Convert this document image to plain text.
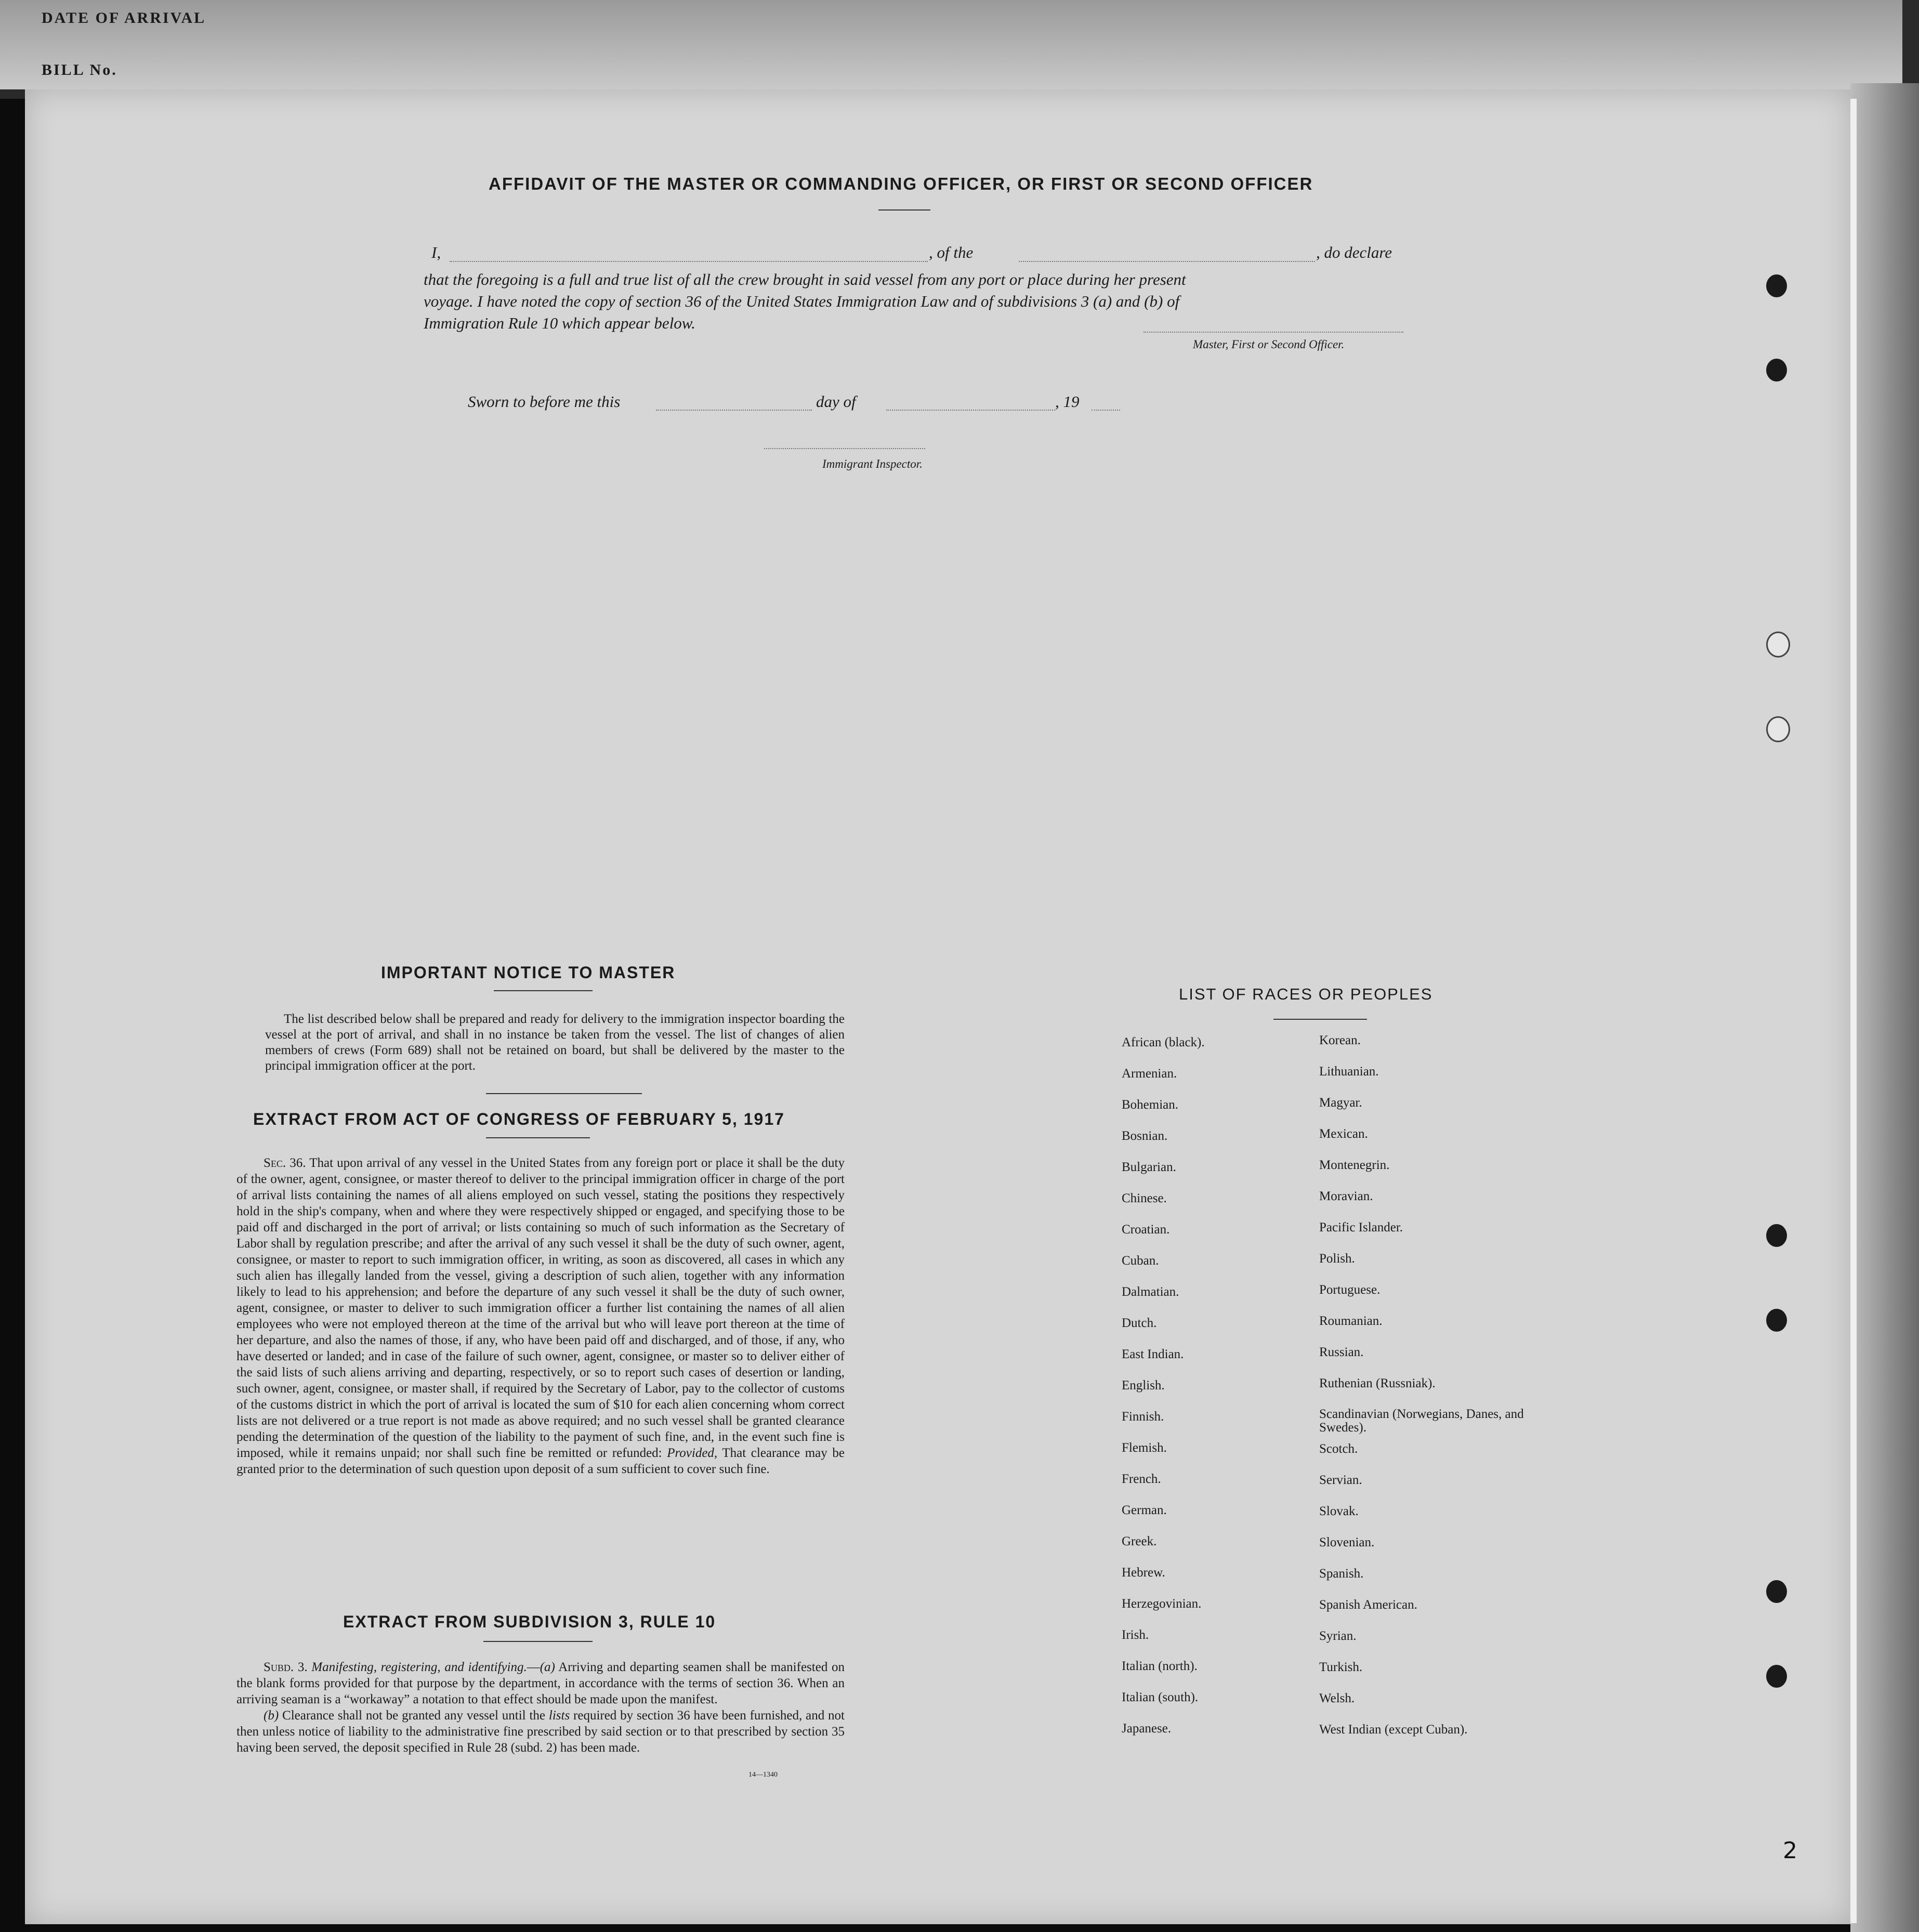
DATE OF ARRIVAL
BILL No.
AFFIDAVIT OF THE MASTER OR COMMANDING OFFICER, OR FIRST OR SECOND OFFICER
I,	, of the	, do declare
that the foregoing is a full and true list of all the crew brought in said vessel from any port or place during her present
voyage. I have noted the copy of section 36 of the United States Immigration Law and of subdivisions 3 (a) and (b) of
Immigration Rule 10 which appear below.
Master, First or Second Officer.
Sworn to before me this	day of	, 19
Immigrant Inspector.
IMPORTANT NOTICE TO MASTER
The list described below shall be prepared and ready for delivery to the immigration inspector boarding the vessel at the port of arrival, and shall in no instance be taken from the vessel. The list of changes of alien members of crews (Form 689) shall not be retained on board, but shall be delivered by the master to the principal immigration officer at the port.
EXTRACT FROM ACT OF CONGRESS OF FEBRUARY 5, 1917
Sec. 36. That upon arrival of any vessel in the United States from any foreign port or place it shall be the duty of the owner, agent, consignee, or master thereof to deliver to the principal immigration officer in charge of the port of arrival lists containing the names of all aliens employed on such vessel, stating the positions they respectively hold in the ship's company, when and where they were respectively shipped or engaged, and specifying those to be paid off and discharged in the port of arrival; or lists containing so much of such information as the Secretary of Labor shall by regulation prescribe; and after the arrival of any such vessel it shall be the duty of such owner, agent, consignee, or master to report to such immigration officer, in writing, as soon as discovered, all cases in which any such alien has illegally landed from the vessel, giving a description of such alien, together with any information likely to lead to his apprehension; and before the departure of any such vessel it shall be the duty of such owner, agent, consignee, or master to deliver to such immigration officer a further list containing the names of all alien employees who were not employed thereon at the time of the arrival but who will leave port thereon at the time of her departure, and also the names of those, if any, who have been paid off and discharged, and of those, if any, who have deserted or landed; and in case of the failure of such owner, agent, consignee, or master so to deliver either of the said lists of such aliens arriving and departing, respectively, or so to report such cases of desertion or landing, such owner, agent, consignee, or master shall, if required by the Secretary of Labor, pay to the collector of customs of the customs district in which the port of arrival is located the sum of $10 for each alien concerning whom correct lists are not delivered or a true report is not made as above required; and no such vessel shall be granted clearance pending the determination of the question of the liability to the payment of such fine, and, in the event such fine is imposed, while it remains unpaid; nor shall such fine be remitted or refunded: Provided, That clearance may be granted prior to the determination of such question upon deposit of a sum sufficient to cover such fine.
EXTRACT FROM SUBDIVISION 3, RULE 10
Subd. 3. Manifesting, registering, and identifying.—(a) Arriving and departing seamen shall be manifested on the blank forms provided for that purpose by the department, in accordance with the terms of section 36. When an arriving seaman is a “workaway” a notation to that effect should be made upon the manifest.
(b) Clearance shall not be granted any vessel until the lists required by section 36 have been furnished, and not then unless notice of liability to the administrative fine prescribed by said section or to that prescribed by section 35 having been served, the deposit specified in Rule 28 (subd. 2) has been made.
14—1340
LIST OF RACES OR PEOPLES
African (black).
Armenian.
Bohemian.
Bosnian.
Bulgarian.
Chinese.
Croatian.
Cuban.
Dalmatian.
Dutch.
East Indian.
English.
Finnish.
Flemish.
French.
German.
Greek.
Hebrew.
Herzegovinian.
Irish.
Italian (north).
Italian (south).
Japanese.
Korean.
Lithuanian.
Magyar.
Mexican.
Montenegrin.
Moravian.
Pacific Islander.
Polish.
Portuguese.
Roumanian.
Russian.
Ruthenian (Russniak).
Scandinavian (Norwegians, Danes, and Swedes).
Scotch.
Servian.
Slovak.
Slovenian.
Spanish.
Spanish American.
Syrian.
Turkish.
Welsh.
West Indian (except Cuban).
2
